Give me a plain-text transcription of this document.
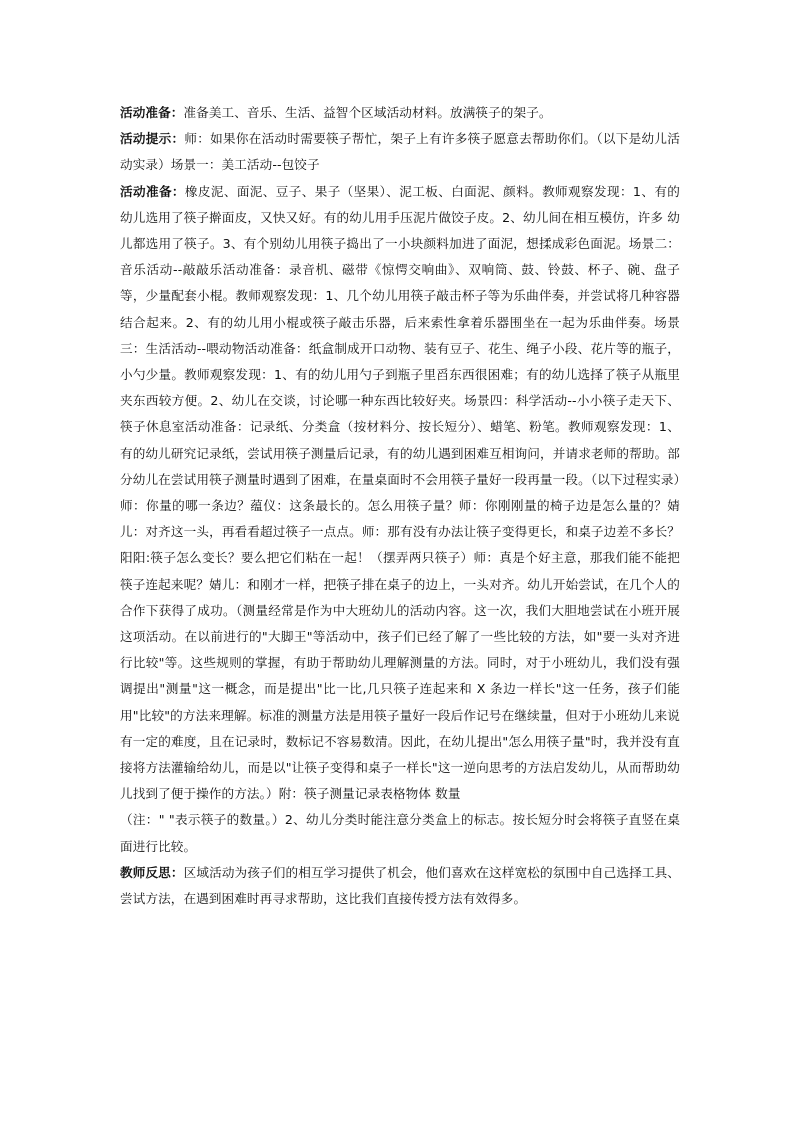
活动准备：准备美工、音乐、生活、益智个区域活动材料。放满筷子的架子。

活动提示：师：如果你在活动时需要筷子帮忙，架子上有许多筷子愿意去帮助你们。（以下是幼儿活动实录）场景一：美工活动--包饺子

活动准备：橡皮泥、面泥、豆子、果子（坚果）、泥工板、白面泥、颜料。教师观察发现：1、有的幼儿选用了筷子擀面皮，又快又好。有的幼儿用手压泥片做饺子皮。2、幼儿间在相互模仿，许多 幼儿都选用了筷子。3、有个别幼儿用筷子捣出了一小块颜料加进了面泥，想揉成彩色面泥。场景二：音乐活动--敲敲乐活动准备：录音机、磁带《惊愕交响曲》、双响筒、鼓、铃鼓、杯子、碗、盘子等，少量配套小棍。教师观察发现：1、几个幼儿用筷子敲击杯子等为乐曲伴奏，并尝试将几种容器结合起来。2、有的幼儿用小棍或筷子敲击乐器，后来索性拿着乐器围坐在一起为乐曲伴奏。场景三：生活活动--喂动物活动准备：纸盒制成开口动物、装有豆子、花生、绳子小段、花片等的瓶子，小勺少量。教师观察发现：1、有的幼儿用勺子到瓶子里舀东西很困难；有的幼儿选择了筷子从瓶里夹东西较方便。2、幼儿在交谈，讨论哪一种东西比较好夹。场景四：科学活动--小小筷子走天下、筷子休息室活动准备：记录纸、分类盒（按材料分、按长短分）、蜡笔、粉笔。教师观察发现：1、有的幼儿研究记录纸，尝试用筷子测量后记录，有的幼儿遇到困难互相询问，并请求老师的帮助。部分幼儿在尝试用筷子测量时遇到了困难，在量桌面时不会用筷子量好一段再量一段。（以下过程实录）师：你量的哪一条边？蕴仪：这条最长的。怎么用筷子量？师：你刚刚量的椅子边是怎么量的？婧儿：对齐这一头，再看看超过筷子一点点。师：那有没有办法让筷子变得更长，和桌子边差不多长？阳阳:筷子怎么变长？要么把它们粘在一起！（摆弄两只筷子）师：真是个好主意，那我们能不能把筷子连起来呢？婧儿：和刚才一样，把筷子排在桌子的边上，一头对齐。幼儿开始尝试，在几个人的合作下获得了成功。（测量经常是作为中大班幼儿的活动内容。这一次，我们大胆地尝试在小班开展这项活动。在以前进行的"大脚王"等活动中，孩子们已经了解了一些比较的方法，如"要一头对齐进行比较"等。这些规则的掌握，有助于帮助幼儿理解测量的方法。同时，对于小班幼儿，我们没有强调提出"测量"这一概念，而是提出"比一比,几只筷子连起来和 X 条边一样长"这一任务，孩子们能用"比较"的方法来理解。标准的测量方法是用筷子量好一段后作记号在继续量，但对于小班幼儿来说有一定的难度，且在记录时，数标记不容易数清。因此，在幼儿提出"怎么用筷子量"时，我并没有直接将方法灌输给幼儿，而是以"让筷子变得和桌子一样长"这一逆向思考的方法启发幼儿，从而帮助幼儿找到了便于操作的方法。）附：筷子测量记录表格物体 数量

（注：" "表示筷子的数量。）2、幼儿分类时能注意分类盒上的标志。按长短分时会将筷子直竖在桌面进行比较。

教师反思：区域活动为孩子们的相互学习提供了机会，他们喜欢在这样宽松的氛围中自己选择工具、尝试方法，在遇到困难时再寻求帮助，这比我们直接传授方法有效得多。
